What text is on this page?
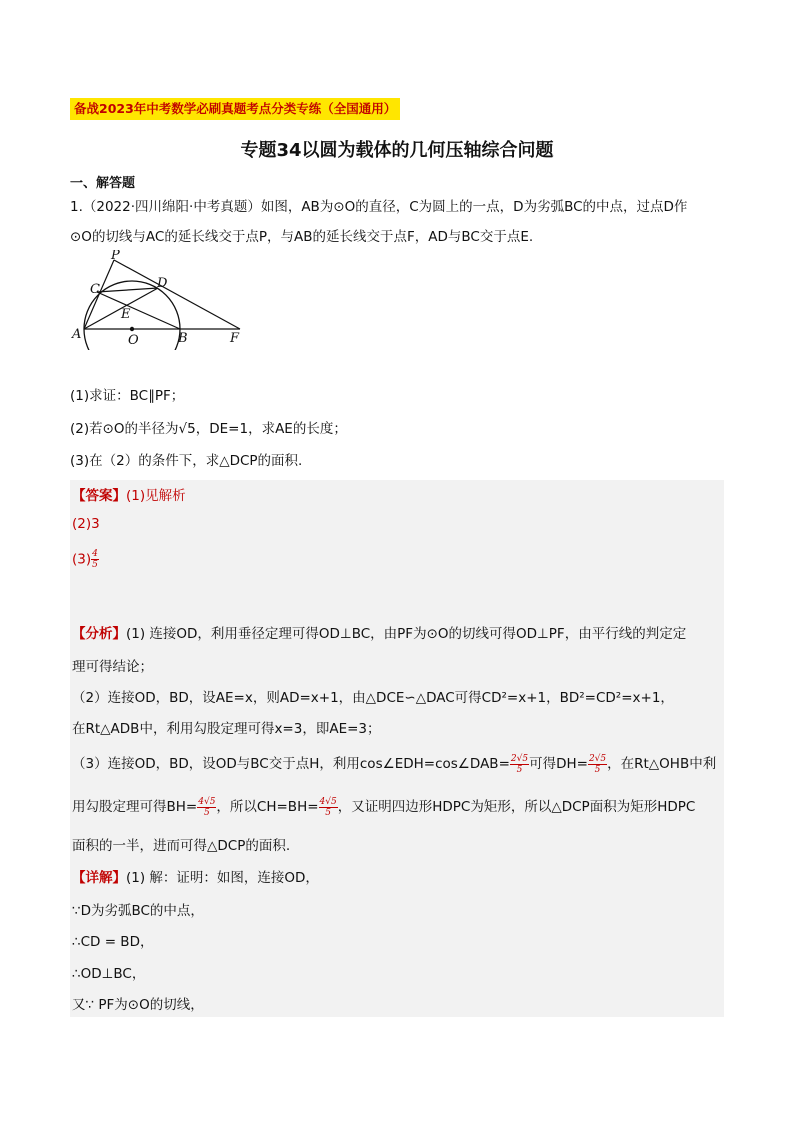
备战2023年中考数学必刷真题考点分类专练（全国通用）
专题34以圆为载体的几何压轴综合问题
一、解答题
1.（2022·四川绵阳·中考真题）如图，AB为⊙O的直径，C为圆上的一点，D为劣弧BC的中点，过点D作
⊙O的切线与AC的延长线交于点P，与AB的延长线交于点F，AD与BC交于点E.
P
C	D
E
A	O	B	F
(1)求证：BC∥PF；
(2)若⊙O的半径为√5，DE=1，求AE的长度；
(3)在（2）的条件下，求△DCP的面积.
【答案】(1)见解析
(2)3
$(3) \frac{4}{5}$
【分析】(1) 连接OD，利用垂径定理可得OD⊥BC，由PF为⊙O的切线可得OD⊥PF，由平行线的判定定
理可得结论；
（2）连接OD，BD，设AE=x，则AD=x+1，由△DCE∽△DAC可得CD²=x+1，BD²=CD²=x+1，
在Rt△ADB中，利用勾股定理可得x=3，即AE=3；
（3）连接OD，BD，设OD与BC交于点H，利用cos∠EDH=cos∠DAB= $\frac{2√5}{5}$ 可得$DH= \frac{2√5}{5}$ ，在Rt△OHB中利
用勾股定理可得$BH= \frac{4√5}{5}$ ，所以$CH=BH= \frac{4√5}{5}$ ，又证明四边形HDPC为矩形，所以△DCP面积为矩形HDPC
面积的一半，进而可得△DCP的面积.
【详解】(1) 解：证明：如图，连接OD，
∵D为劣弧BC的中点，
∴CD = BD，
∴OD⊥BC，
又∵ PF为⊙O的切线，
